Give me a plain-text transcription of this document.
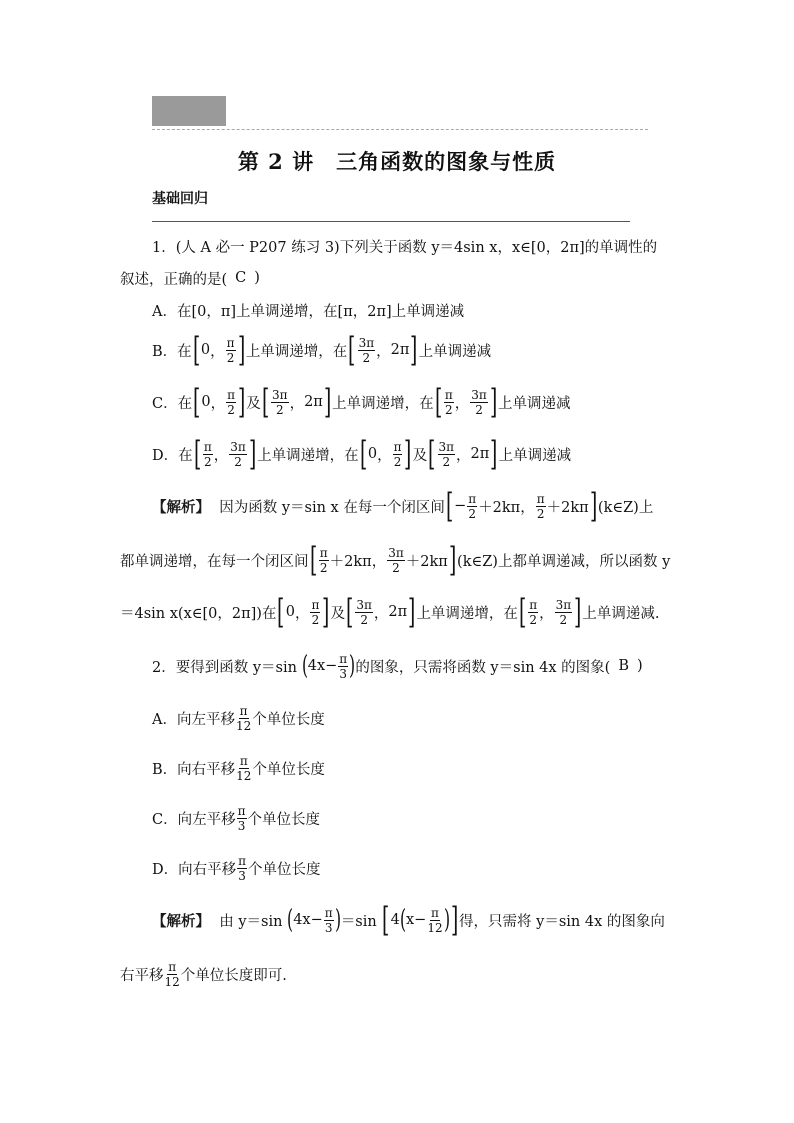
第 2 讲　三角函数的图象与性质
基础回归
1．(人 A 必一 P207 练习 3)下列关于函数 y＝4sin x，x∈[0，2π]的单调性的
叙述，正确的是( C )
A．在[0，π]上单调递增，在[π，2π]上单调递减
B．在 [ 0 ， $\frac{\pi}{2}$ ] 上单调递增，在 [ $\frac{3\pi}{2}$ ， 2π ] 上单调递减
C．在 [ 0 ， $\frac{\pi}{2}$ ] 及 [ $\frac{3\pi}{2}$ ， 2π ] 上单调递增，在 [ $\frac{\pi}{2}$ ， $\frac{3\pi}{2}$ ] 上单调递减
D．在 [ $\frac{\pi}{2}$ ， $\frac{3\pi}{2}$ ] 上单调递增，在 [ 0 ， $\frac{\pi}{2}$ ] 及 [ $\frac{3\pi}{2}$ ， 2π ] 上单调递减
【解析】
因为函数 y＝sin x 在每一个闭区间 [ − $\frac{\pi}{2} +2k\pi$ ， $\frac{\pi}{2} +2k\pi$ ] (k∈Z)上
都单调递增，在每一个闭区间 [ $\frac{\pi}{2} +2k\pi$ ， $\frac{3\pi}{2} +2k\pi$ ] (k∈Z)上都单调递减，所以函数 y
＝4sin x(x∈[0，2π])在 [ 0 ， $\frac{\pi}{2}$ ] 及 [ $\frac{3\pi}{2}$ ， 2π ] 上单调递增，在 [ $\frac{\pi}{2}$ ， $\frac{3\pi}{2}$ ] 上单调递减.
2．要得到函数 y＝sin
( $4x- \frac{\pi}{3}$ ) 的图象，只需将函数 y＝sin 4x 的图象( B )
A．向左平移 $\frac{\pi}{12}$ 个单位长度
B．向右平移 $\frac{\pi}{12}$ 个单位长度
C．向左平移 $\frac{\pi}{3}$ 个单位长度
D．向右平移 $\frac{\pi}{3}$ 个单位长度
【解析】
由 y＝sin
( $4x- \frac{\pi}{3}$ ) ＝sin
[ 4 ( $x- \frac{\pi}{12}$ ) ] 得，只需将 y＝sin 4x 的图象向
右平移 $\frac{\pi}{12}$ 个单位长度即可.
